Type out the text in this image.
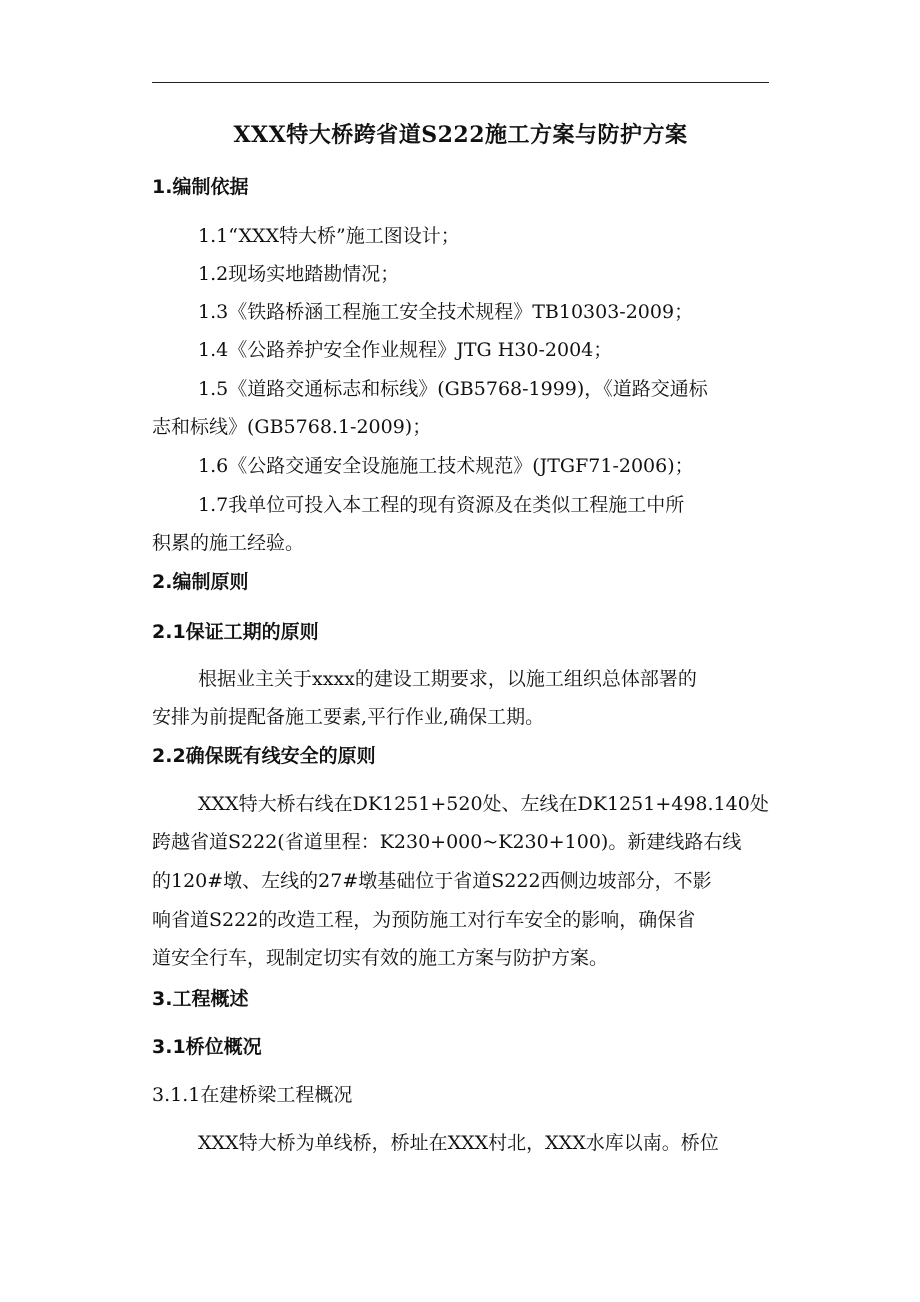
XXX特大桥跨省道S222施工方案与防护方案
1.编制依据
1.1“XXX特大桥”施工图设计；
1.2现场实地踏勘情况；
1.3《铁路桥涵工程施工安全技术规程》TB10303-2009；
1.4《公路养护安全作业规程》JTG H30-2004；
1.5《道路交通标志和标线》(GB5768-1999)，《道路交通标
志和标线》(GB5768.1-2009)；
1.6《公路交通安全设施施工技术规范》(JTGF71-2006)；
1.7我单位可投入本工程的现有资源及在类似工程施工中所
积累的施工经验。
2.编制原则
2.1保证工期的原则
根据业主关于xxxx的建设工期要求，以施工组织总体部署的
安排为前提配备施工要素,平行作业,确保工期。
2.2确保既有线安全的原则
XXX特大桥右线在DK1251+520处、左线在DK1251+498.140处
跨越省道S222(省道里程：K230+000~K230+100)。新建线路右线
的120#墩、左线的27#墩基础位于省道S222西侧边坡部分，不影
响省道S222的改造工程，为预防施工对行车安全的影响，确保省
道安全行车，现制定切实有效的施工方案与防护方案。
3.工程概述
3.1桥位概况
3.1.1在建桥梁工程概况
XXX特大桥为单线桥，桥址在XXX村北，XXX水库以南。桥位
